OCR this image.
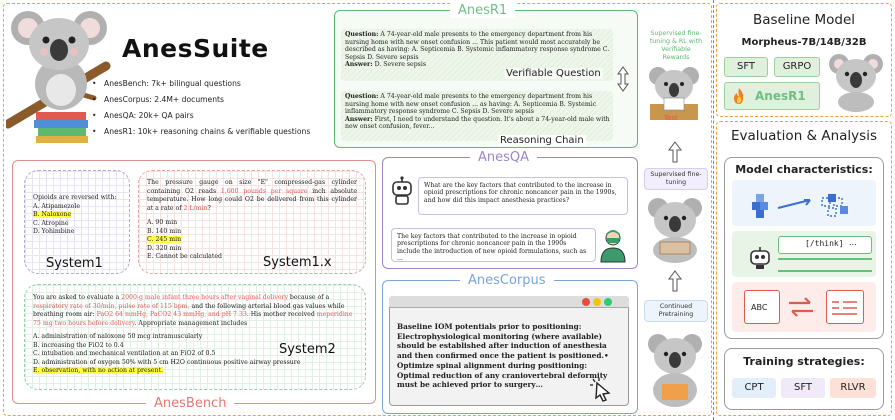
AnesSuite
• AnesBench: 7k+ bilingual questions
• AnesCorpus: 2.4M+ documents
• AnesQA: 20k+ QA pairs
• AnesR1: 10k+ reasoning chains & verifiable questions
AnesR1
Question: A 74-year-old male presents to the emergency department from his nursing home with new onset confusion ... This patient would most accurately be described as having: A. Septicemia B. Systemic inflammatory response syndrome C. Sepsis D. Severe sepsis
Answer: D. Severe sepsis
Verifiable Question
Question: A 74-year-old male presents to the emergency department from his nursing home with new onset confusion ... as having: A. Septicemia B. Systemic inflammatory response syndrome C. Sepsis D. Severe sepsis
Answer: First, I need to understand the question. It's about a 74-year-old male with new onset confusion, fever...
Reasoning Chain
Supervised fine-tuning & RL with Verifiable Rewards
Test
Supervised fine-tuning
Continued Pretraining
AnesQA
What are the key factors that contributed to the increase in opioid prescriptions for chronic noncancer pain in the 1990s, and how did this impact anesthesia practices?
The key factors that contributed to the increase in opioid prescriptions for chronic noncancer pain in the 1990s include the introduction of new opioid formulations, such as ...
AnesCorpus
Baseline IOM potentials prior to positioning: Electrophysiological monitoring (where available) should be established after induction of anesthesia and then confirmed once the patient is positioned.• Optimize spinal alignment during positioning: Optimal reduction of any craniovertebral deformity must be achieved prior to surgery…
AnesBench
Opioids are reversed with:
A. Atipamezole
B. Naloxone
C. Atropine
D. Yohimbine
System1
The pressure gauge on size "E" compressed-gas cylinder containing O2 reads 1,600 pounds per square inch absolute temperature. How long could O2 be delivered from this cylinder at a rate of 2 L/min?
A. 90 min
B. 140 min
C. 245 min
D. 320 min
E. Cannot be calculated	System1.x
You are asked to evaluate a 2000-g male infant three hours after vaginal delivery because of a respiratory rate of 30/min, pulse rate of 115 bpm, and the following arterial blood gas values while breathing room air: PaO2 64 mmHg, PaCO2 43 mmHg, and pH 7.33. His mother received meperidine 75 mg two hours before delivery. Appropriate management includes
A. administration of naloxone 50 mcg intramuscularly
B. increasing the FiO2 to 0.4
C. intubation and mechanical ventilation at an FiO2 of 0.5
D. administration of oxygen 50% with 5 cm H2O continuous positive airway pressure
E. observation, with no action at present.
System2
Baseline Model
Morpheus-7B/14B/32B
SFT	GRPO
AnesR1
Evaluation & Analysis
Model characteristics:
[/think] ...
ABC
Training strategies:
CPT	SFT	RLVR
